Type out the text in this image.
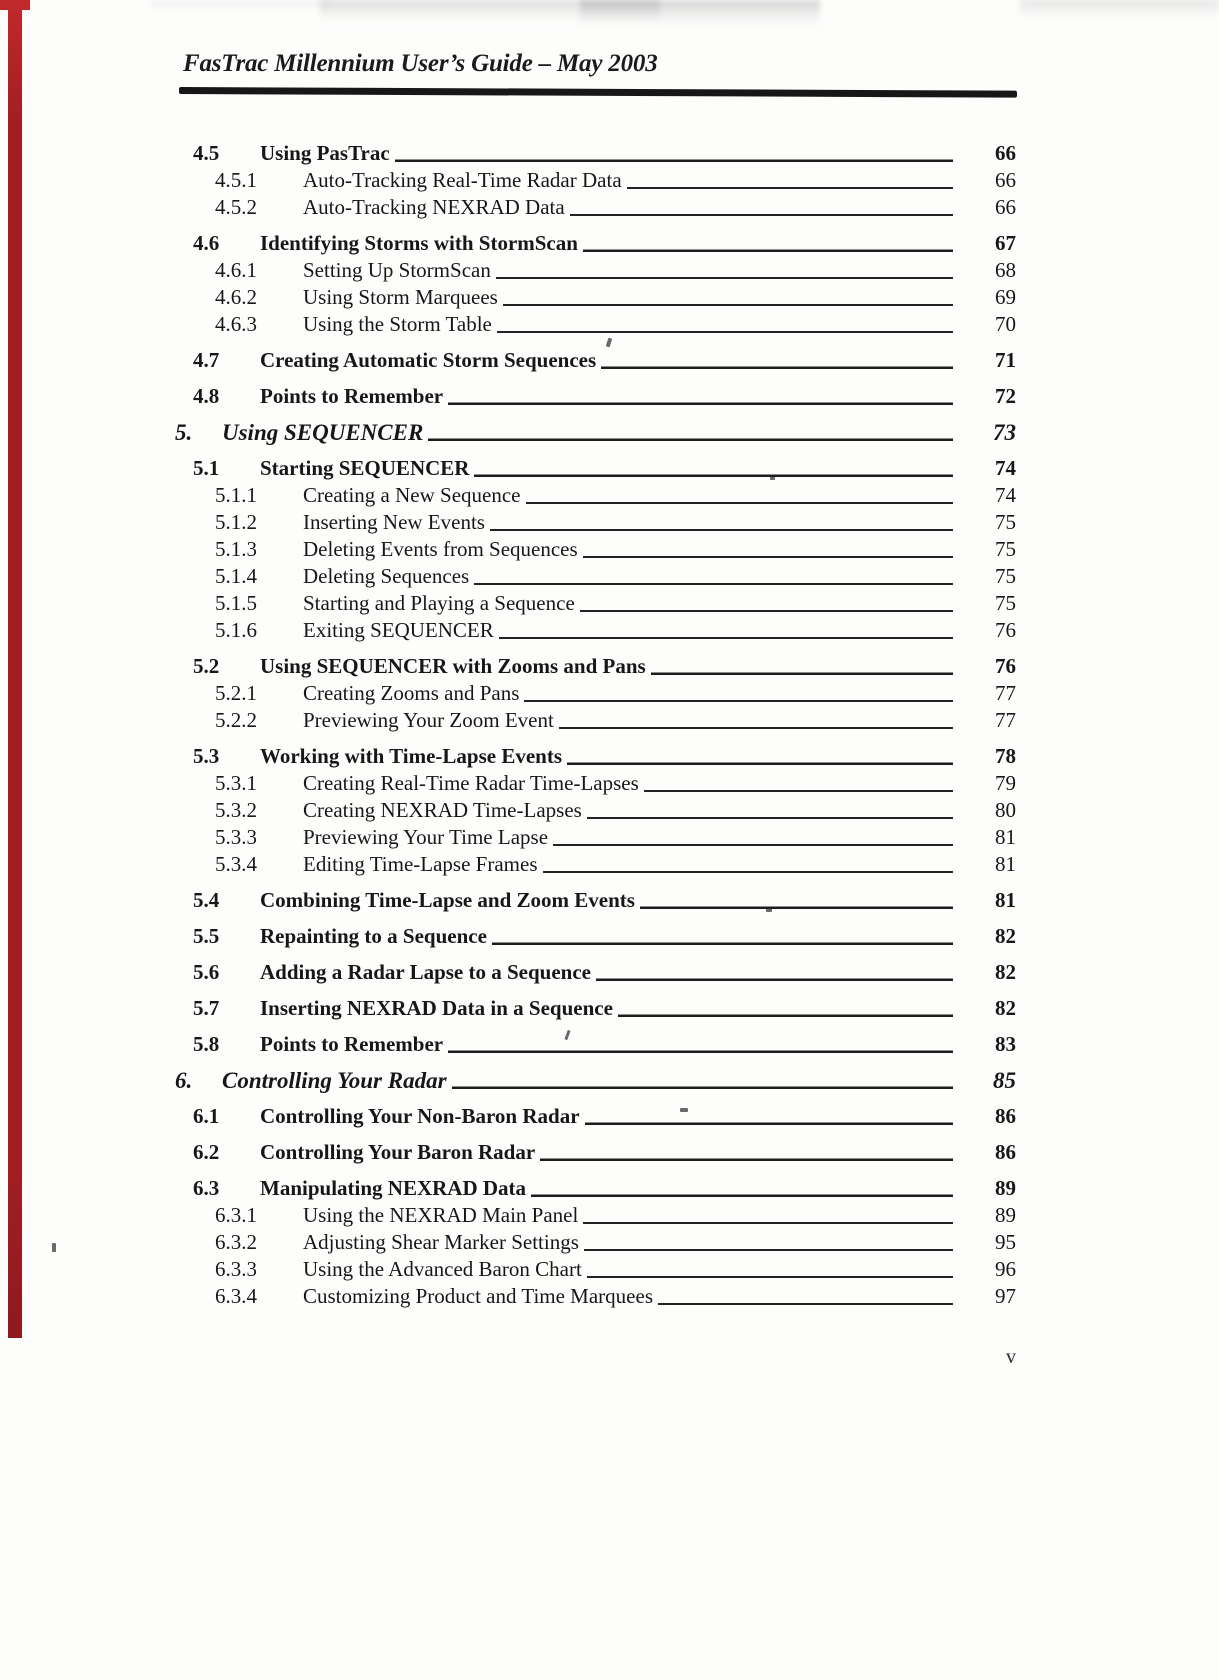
FasTrac Millennium User’s Guide – May 2003
4.5	Using PasTrac	66
4.5.1	Auto-Tracking Real-Time Radar Data	66
4.5.2	Auto-Tracking NEXRAD Data	66
4.6	Identifying Storms with StormScan	67
4.6.1	Setting Up StormScan	68
4.6.2	Using Storm Marquees	69
4.6.3	Using the Storm Table	70
4.7	Creating Automatic Storm Sequences	71
4.8	Points to Remember	72
5.	Using SEQUENCER	73
5.1	Starting SEQUENCER	74
5.1.1	Creating a New Sequence	74
5.1.2	Inserting New Events	75
5.1.3	Deleting Events from Sequences	75
5.1.4	Deleting Sequences	75
5.1.5	Starting and Playing a Sequence	75
5.1.6	Exiting SEQUENCER	76
5.2	Using SEQUENCER with Zooms and Pans	76
5.2.1	Creating Zooms and Pans	77
5.2.2	Previewing Your Zoom Event	77
5.3	Working with Time-Lapse Events	78
5.3.1	Creating Real-Time Radar Time-Lapses	79
5.3.2	Creating NEXRAD Time-Lapses	80
5.3.3	Previewing Your Time Lapse	81
5.3.4	Editing Time-Lapse Frames	81
5.4	Combining Time-Lapse and Zoom Events	81
5.5	Repainting to a Sequence	82
5.6	Adding a Radar Lapse to a Sequence	82
5.7	Inserting NEXRAD Data in a Sequence	82
5.8	Points to Remember	83
6.	Controlling Your Radar	85
6.1	Controlling Your Non-Baron Radar	86
6.2	Controlling Your Baron Radar	86
6.3	Manipulating NEXRAD Data	89
6.3.1	Using the NEXRAD Main Panel	89
6.3.2	Adjusting Shear Marker Settings	95
6.3.3	Using the Advanced Baron Chart	96
6.3.4	Customizing Product and Time Marquees	97
v
